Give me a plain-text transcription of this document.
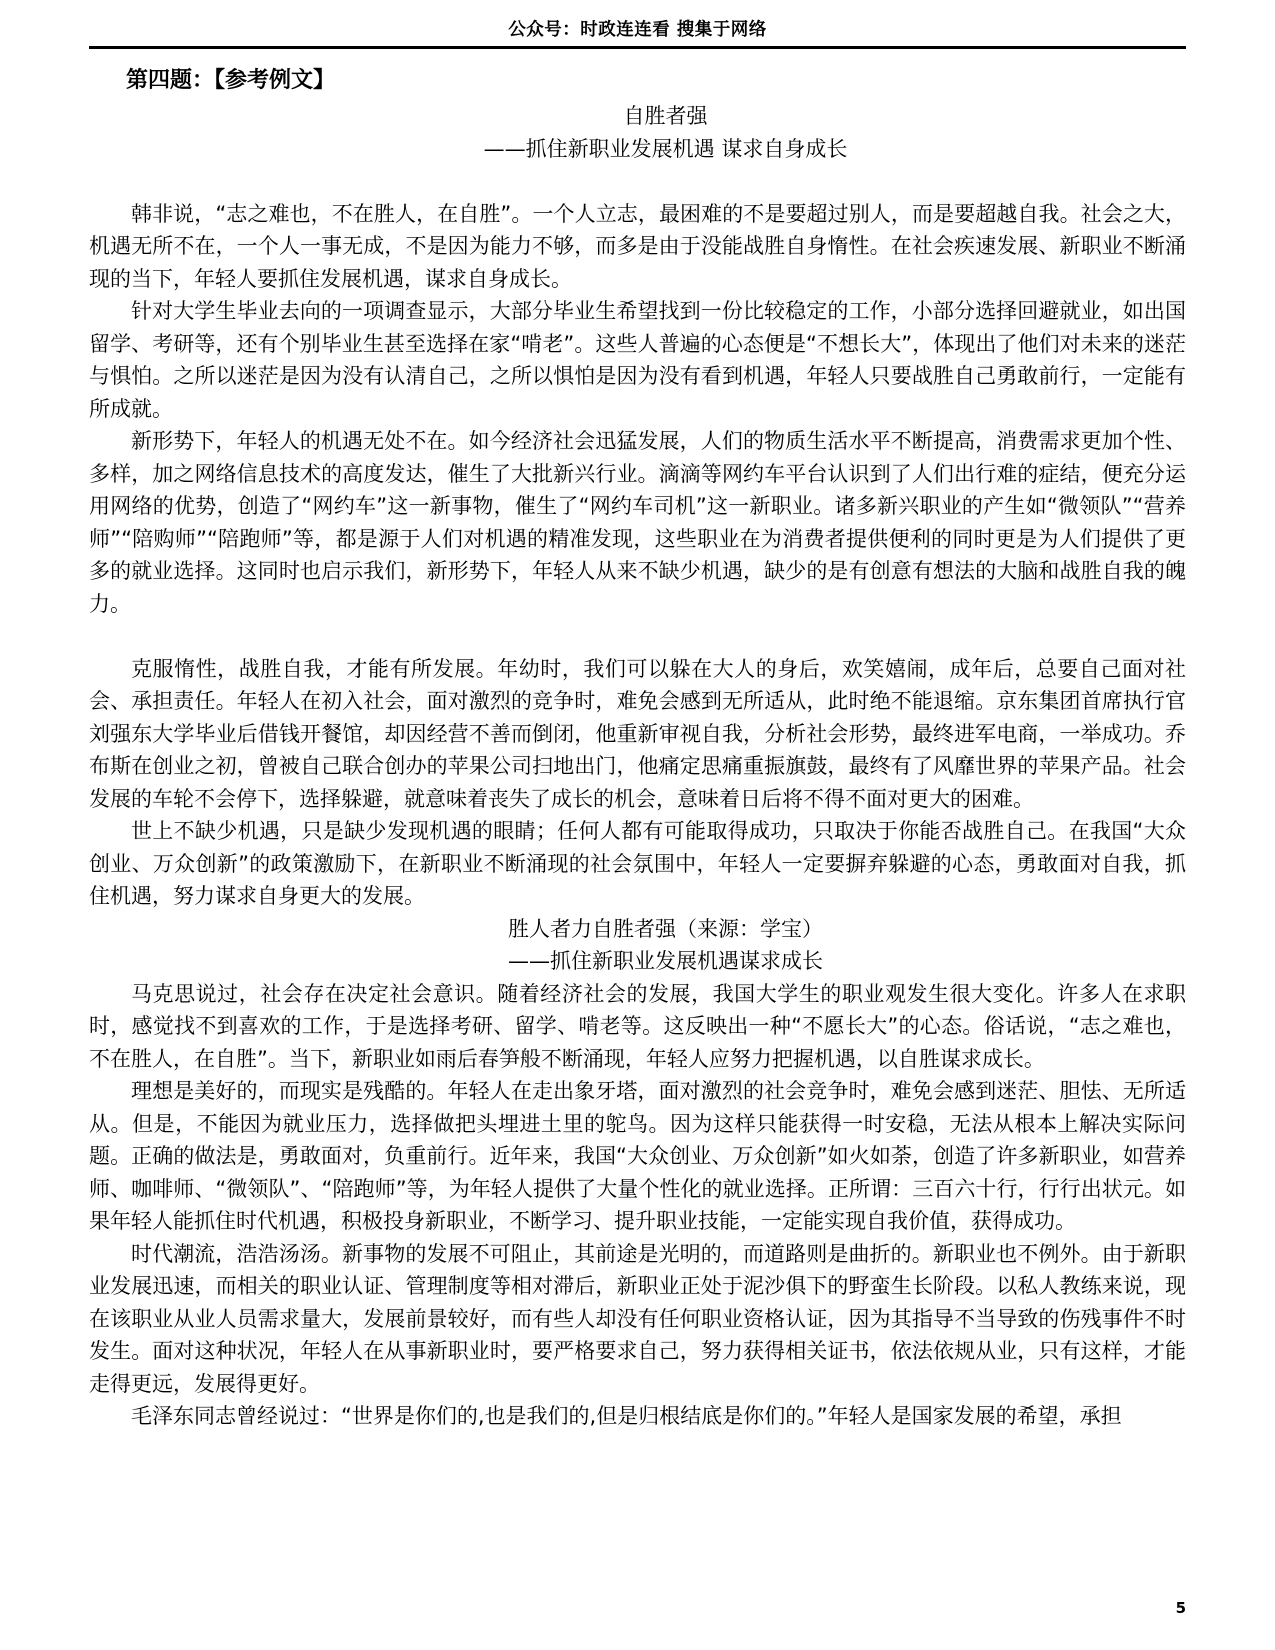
公众号：时政连连看 搜集于网络
第四题：【参考例文】
自胜者强
——抓住新职业发展机遇 谋求自身成长

韩非说，“志之难也，不在胜人，在自胜”。一个人立志，最困难的不是要超过别人，而是要超越自我。社会之大，机遇无所不在，一个人一事无成，不是因为能力不够，而多是由于没能战胜自身惰性。在社会疾速发展、新职业不断涌现的当下，年轻人要抓住发展机遇，谋求自身成长。

针对大学生毕业去向的一项调查显示，大部分毕业生希望找到一份比较稳定的工作，小部分选择回避就业，如出国留学、考研等，还有个别毕业生甚至选择在家“啃老”。这些人普遍的心态便是“不想长大”，体现出了他们对未来的迷茫与惧怕。之所以迷茫是因为没有认清自己，之所以惧怕是因为没有看到机遇，年轻人只要战胜自己勇敢前行，一定能有所成就。

新形势下，年轻人的机遇无处不在。如今经济社会迅猛发展，人们的物质生活水平不断提高，消费需求更加个性、多样，加之网络信息技术的高度发达，催生了大批新兴行业。滴滴等网约车平台认识到了人们出行难的症结，便充分运用网络的优势，创造了“网约车”这一新事物，催生了“网约车司机”这一新职业。诸多新兴职业的产生如“微领队”“营养师”“陪购师”“陪跑师”等，都是源于人们对机遇的精准发现，这些职业在为消费者提供便利的同时更是为人们提供了更多的就业选择。这同时也启示我们，新形势下，年轻人从来不缺少机遇，缺少的是有创意有想法的大脑和战胜自我的魄力。

克服惰性，战胜自我，才能有所发展。年幼时，我们可以躲在大人的身后，欢笑嬉闹，成年后，总要自己面对社会、承担责任。年轻人在初入社会，面对激烈的竞争时，难免会感到无所适从，此时绝不能退缩。京东集团首席执行官刘强东大学毕业后借钱开餐馆，却因经营不善而倒闭，他重新审视自我，分析社会形势，最终进军电商，一举成功。乔布斯在创业之初，曾被自己联合创办的苹果公司扫地出门，他痛定思痛重振旗鼓，最终有了风靡世界的苹果产品。社会发展的车轮不会停下，选择躲避，就意味着丧失了成长的机会，意味着日后将不得不面对更大的困难。

世上不缺少机遇，只是缺少发现机遇的眼睛；任何人都有可能取得成功，只取决于你能否战胜自己。在我国“大众创业、万众创新”的政策激励下，在新职业不断涌现的社会氛围中，年轻人一定要摒弃躲避的心态，勇敢面对自我，抓住机遇，努力谋求自身更大的发展。

胜人者力自胜者强（来源：学宝）
——抓住新职业发展机遇谋求成长

马克思说过，社会存在决定社会意识。随着经济社会的发展，我国大学生的职业观发生很大变化。许多人在求职时，感觉找不到喜欢的工作，于是选择考研、留学、啃老等。这反映出一种“不愿长大”的心态。俗话说，“志之难也，不在胜人，在自胜”。当下，新职业如雨后春笋般不断涌现，年轻人应努力把握机遇，以自胜谋求成长。

理想是美好的，而现实是残酷的。年轻人在走出象牙塔，面对激烈的社会竞争时，难免会感到迷茫、胆怯、无所适从。但是，不能因为就业压力，选择做把头埋进土里的鸵鸟。因为这样只能获得一时安稳，无法从根本上解决实际问题。正确的做法是，勇敢面对，负重前行。近年来，我国“大众创业、万众创新”如火如荼，创造了许多新职业，如营养师、咖啡师、“微领队”、“陪跑师”等，为年轻人提供了大量个性化的就业选择。正所谓：三百六十行，行行出状元。如果年轻人能抓住时代机遇，积极投身新职业，不断学习、提升职业技能，一定能实现自我价值，获得成功。

时代潮流，浩浩汤汤。新事物的发展不可阻止，其前途是光明的，而道路则是曲折的。新职业也不例外。由于新职业发展迅速，而相关的职业认证、管理制度等相对滞后，新职业正处于泥沙俱下的野蛮生长阶段。以私人教练来说，现在该职业从业人员需求量大，发展前景较好，而有些人却没有任何职业资格认证，因为其指导不当导致的伤残事件不时发生。面对这种状况，年轻人在从事新职业时，要严格要求自己，努力获得相关证书，依法依规从业，只有这样，才能走得更远，发展得更好。

毛泽东同志曾经说过：“世界是你们的,也是我们的,但是归根结底是你们的。”年轻人是国家发展的希望，承担

5
